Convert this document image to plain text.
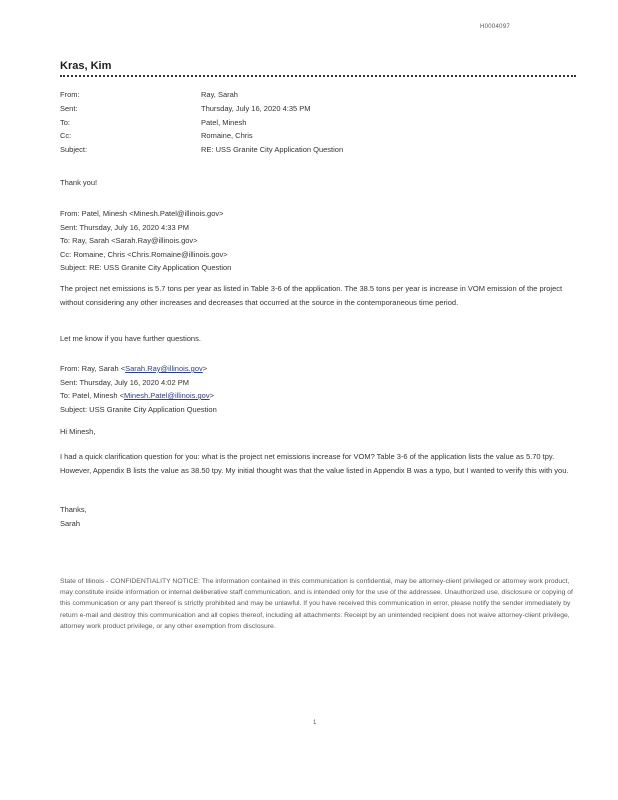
H0004097
Kras, Kim
From:	Ray, Sarah
Sent:	Thursday, July 16, 2020 4:35 PM
To:	Patel, Minesh
Cc:	Romaine, Chris
Subject:	RE: USS Granite City Application Question

Thank you!

From: Patel, Minesh <Minesh.Patel@illinois.gov>
Sent: Thursday, July 16, 2020 4:33 PM
To: Ray, Sarah <Sarah.Ray@illinois.gov>
Cc: Romaine, Chris <Chris.Romaine@illinois.gov>
Subject: RE: USS Granite City Application Question

The project net emissions is 5.7 tons per year as listed in Table 3-6 of the application. The 38.5 tons per year is increase in VOM emission of the project without considering any other increases and decreases that occurred at the source in the contemporaneous time period.

Let me know if you have further questions.

From: Ray, Sarah <Sarah.Ray@illinois.gov>
Sent: Thursday, July 16, 2020 4:02 PM
To: Patel, Minesh <Minesh.Patel@illinois.gov>
Subject: USS Granite City Application Question

Hi Minesh,

I had a quick clarification question for you: what is the project net emissions increase for VOM? Table 3-6 of the application lists the value as 5.70 tpy. However, Appendix B lists the value as 38.50 tpy. My initial thought was that the value listed in Appendix B was a typo, but I wanted to verify this with you.

Thanks,
Sarah

State of Illinois - CONFIDENTIALITY NOTICE: The information contained in this communication is confidential, may be attorney-client privileged or attorney work product, may constitute inside information or internal deliberative staff communication, and is intended only for the use of the addressee. Unauthorized use, disclosure or copying of this communication or any part thereof is strictly prohibited and may be unlawful. If you have received this communication in error, please notify the sender immediately by return e-mail and destroy this communication and all copies thereof, including all attachments. Receipt by an unintended recipient does not waive attorney-client privilege, attorney work product privilege, or any other exemption from disclosure.

1
